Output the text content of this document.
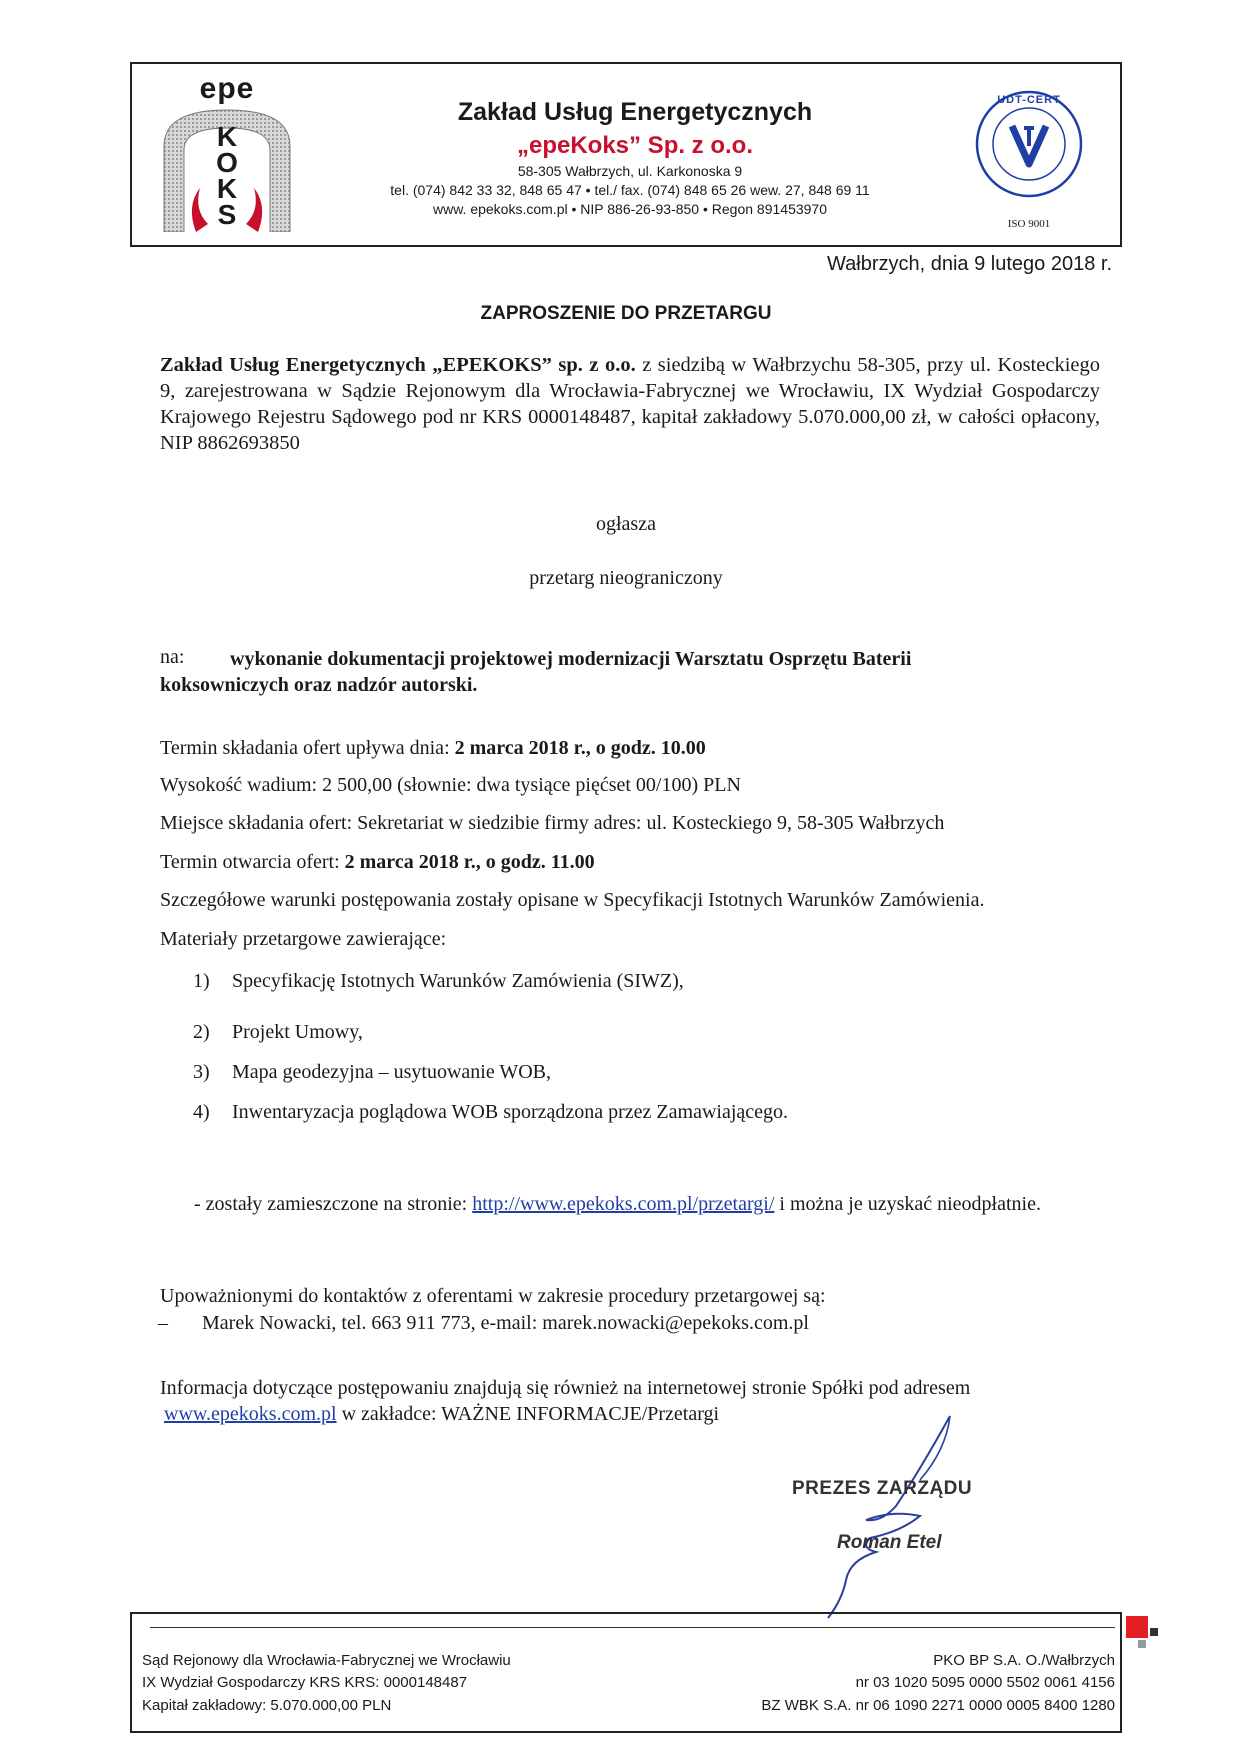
epe
K
O
K
S
Zakład Usług Energetycznych
„epeKoks” Sp. z o.o.
58-305 Wałbrzych, ul. Karkonoska 9
tel. (074) 842 33 32, 848 65 47 • tel./ fax. (074) 848 65 26 wew. 27, 848 69 11
www. epekoks.com.pl • NIP 886-26-93-850 • Regon 891453970
UDT-CERT
ISO 9001
Wałbrzych, dnia 9 lutego 2018 r.
ZAPROSZENIE DO PRZETARGU
Zakład Usług Energetycznych „EPEKOKS” sp. z o.o. z siedzibą w Wałbrzychu 58-305, przy ul. Kosteckiego 9, zarejestrowana w Sądzie Rejonowym dla Wrocławia-Fabrycznej we Wrocławiu, IX Wydział Gospodarczy Krajowego Rejestru Sądowego pod nr KRS 0000148487, kapitał zakładowy 5.070.000,00 zł, w całości opłacony, NIP 8862693850
ogłasza
przetarg nieograniczony
na:	wykonanie dokumentacji projektowej modernizacji Warsztatu Osprzętu Baterii koksowniczych oraz nadzór autorski.
Termin składania ofert upływa dnia: 2 marca 2018 r., o godz. 10.00
Wysokość wadium: 2 500,00 (słownie: dwa tysiące pięćset 00/100) PLN
Miejsce składania ofert: Sekretariat w siedzibie firmy adres: ul. Kosteckiego 9, 58-305 Wałbrzych
Termin otwarcia ofert: 2 marca 2018 r., o godz. 11.00
Szczegółowe warunki postępowania zostały opisane w Specyfikacji Istotnych Warunków Zamówienia.
Materiały przetargowe zawierające:
1) Specyfikację Istotnych Warunków Zamówienia (SIWZ),
2) Projekt Umowy,
3) Mapa geodezyjna – usytuowanie WOB,
4) Inwentaryzacja poglądowa WOB sporządzona przez Zamawiającego.
- zostały zamieszczone na stronie: http://www.epekoks.com.pl/przetargi/ i można je uzyskać nieodpłatnie.
Upoważnionymi do kontaktów z oferentami w zakresie procedury przetargowej są:
– Marek Nowacki, tel. 663 911 773, e-mail: marek.nowacki@epekoks.com.pl
Informacja dotyczące postępowaniu znajdują się również na internetowej stronie Spółki pod adresem
www.epekoks.com.pl w zakładce: WAŻNE INFORMACJE/Przetargi
PREZES ZARZĄDU
Roman Etel
Sąd Rejonowy dla Wrocławia-Fabrycznej we Wrocławiu
IX Wydział Gospodarczy KRS KRS: 0000148487
Kapitał zakładowy: 5.070.000,00 PLN
PKO BP S.A. O./Wałbrzych
nr 03 1020 5095 0000 5502 0061 4156
BZ WBK S.A. nr 06 1090 2271 0000 0005 8400 1280
